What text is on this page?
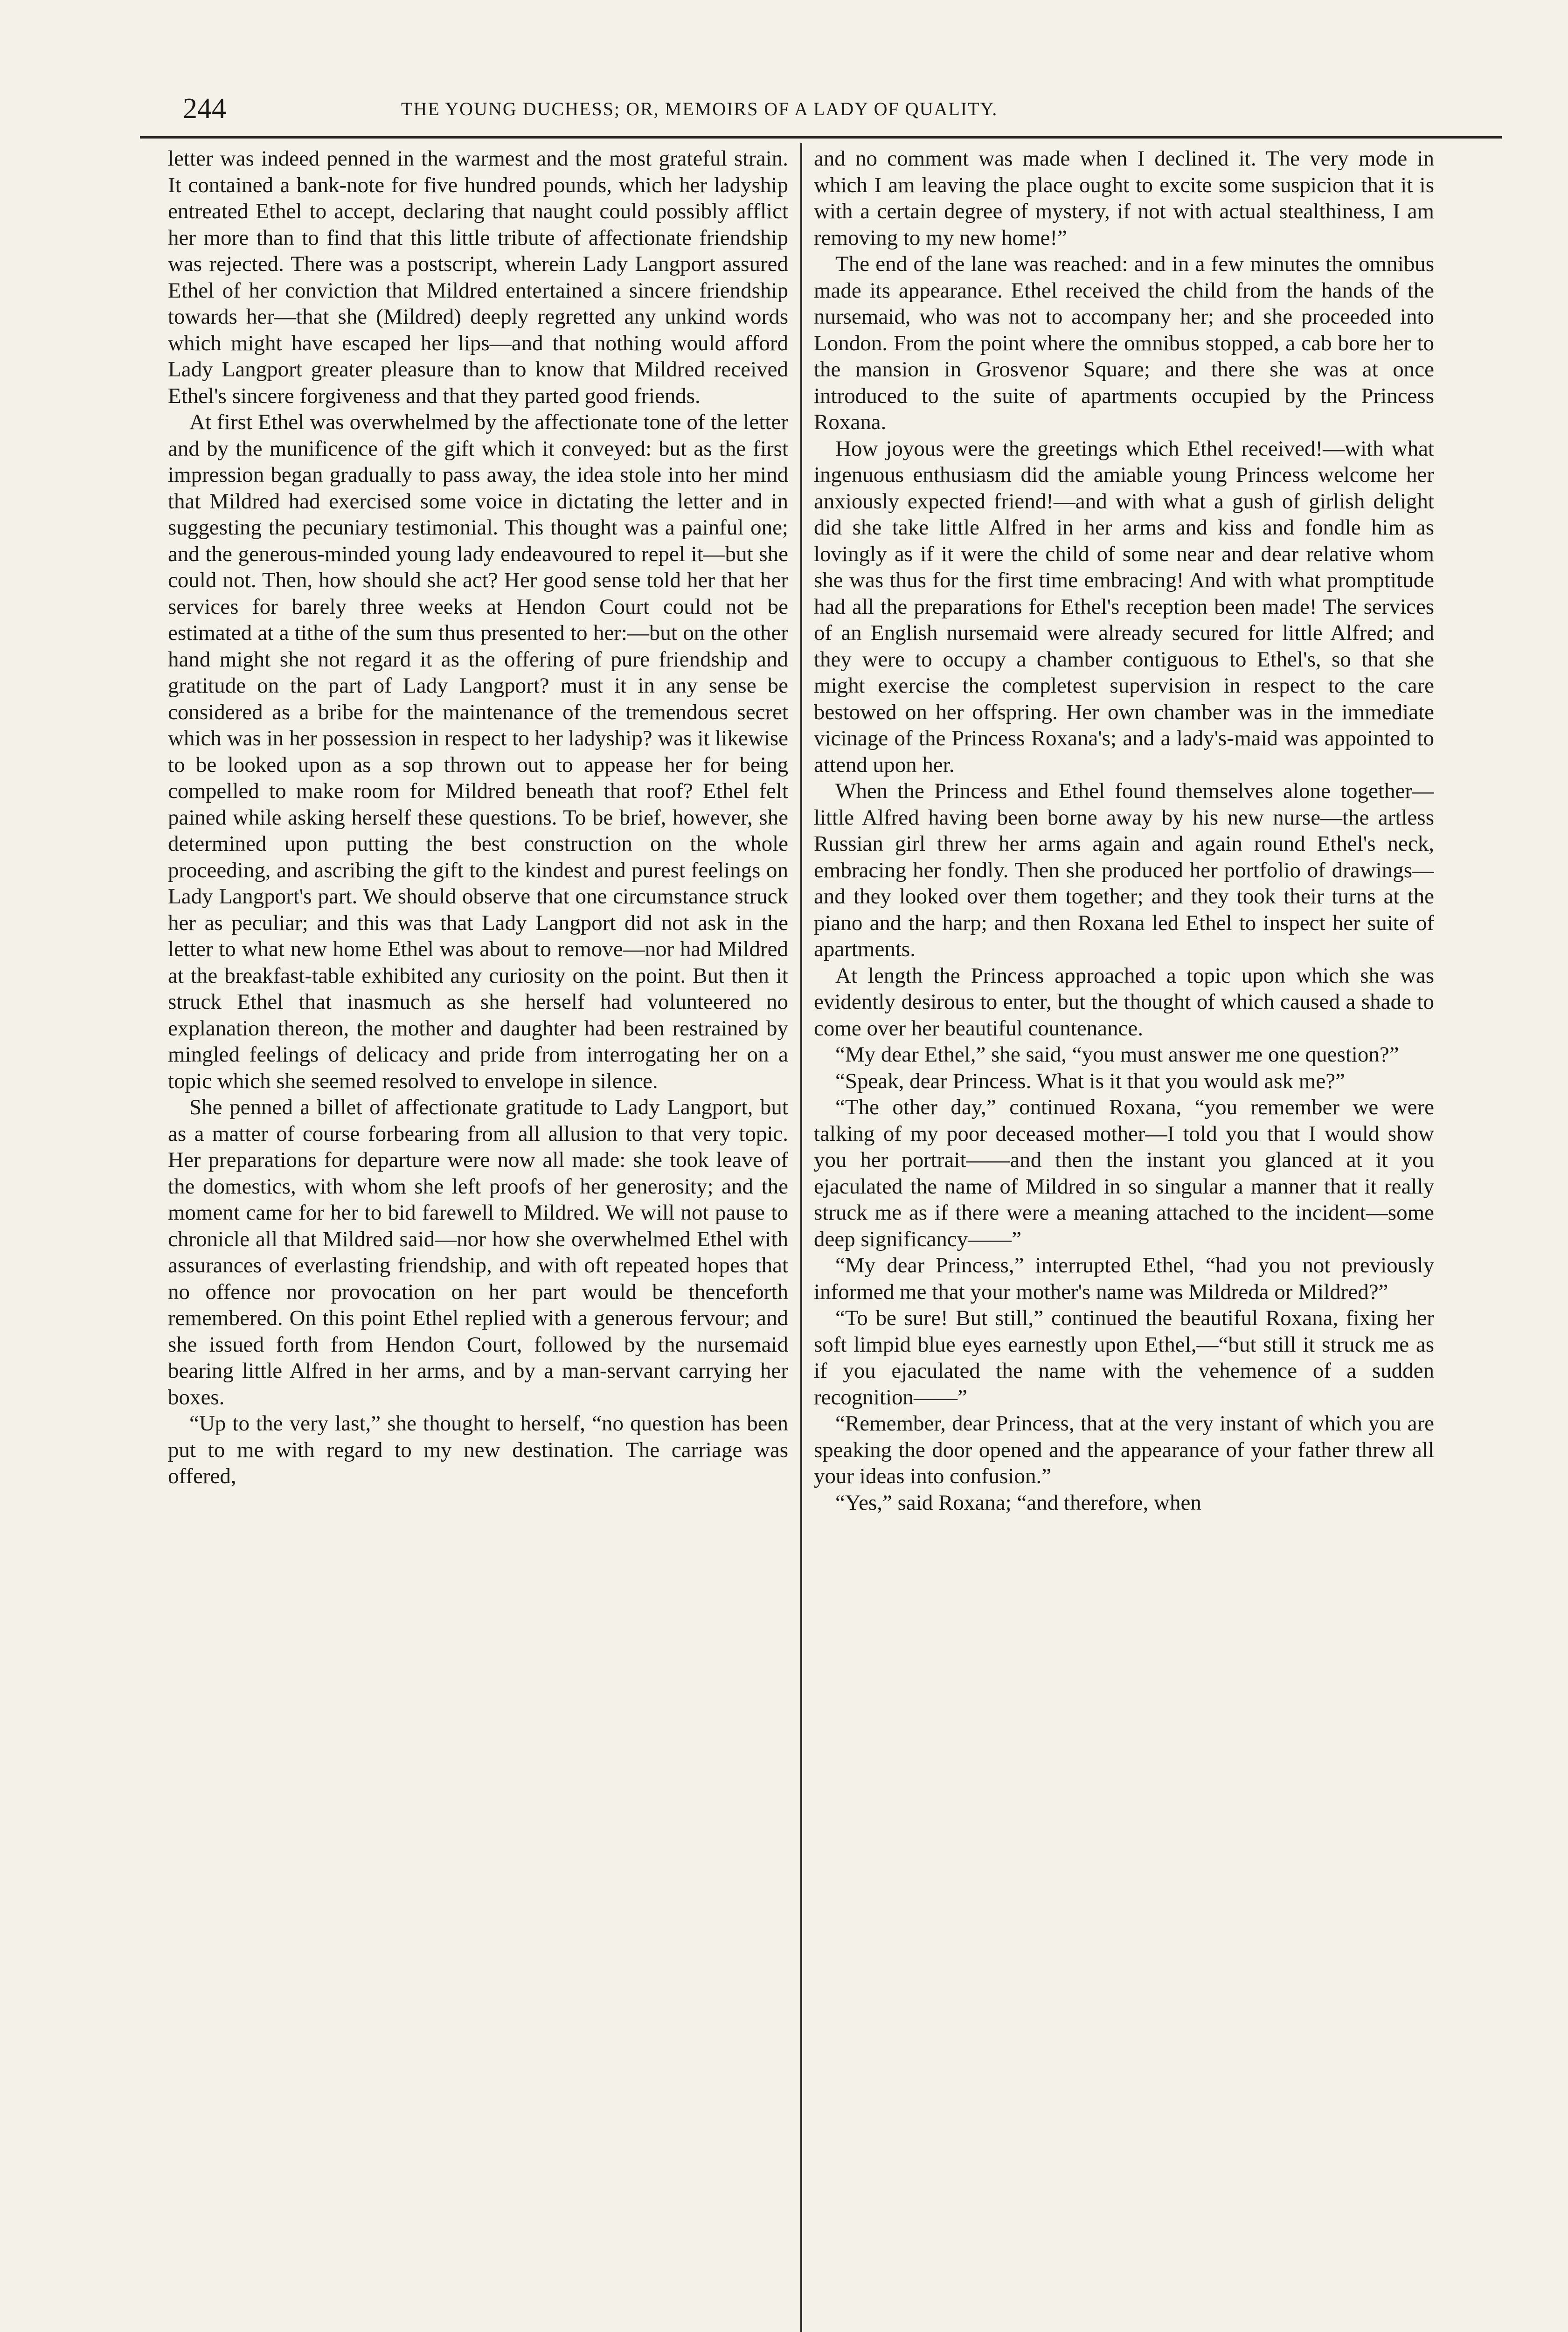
244	THE YOUNG DUCHESS; OR, MEMOIRS OF A LADY OF QUALITY.

letter was indeed penned in the warmest and the most grateful strain. It contained a bank-note for five hundred pounds, which her ladyship entreated Ethel to accept, declaring that naught could possibly afflict her more than to find that this little tribute of affectionate friendship was rejected. There was a postscript, wherein Lady Langport assured Ethel of her conviction that Mildred entertained a sincere friendship towards her—that she (Mildred) deeply regretted any unkind words which might have escaped her lips—and that nothing would afford Lady Langport greater pleasure than to know that Mildred received Ethel's sincere forgiveness and that they parted good friends.

At first Ethel was overwhelmed by the affectionate tone of the letter and by the munificence of the gift which it conveyed: but as the first impression began gradually to pass away, the idea stole into her mind that Mildred had exercised some voice in dictating the letter and in suggesting the pecuniary testimonial. This thought was a painful one; and the generous-minded young lady endeavoured to repel it—but she could not. Then, how should she act? Her good sense told her that her services for barely three weeks at Hendon Court could not be estimated at a tithe of the sum thus presented to her:—but on the other hand might she not regard it as the offering of pure friendship and gratitude on the part of Lady Langport? must it in any sense be considered as a bribe for the maintenance of the tremendous secret which was in her possession in respect to her ladyship? was it likewise to be looked upon as a sop thrown out to appease her for being compelled to make room for Mildred beneath that roof? Ethel felt pained while asking herself these questions. To be brief, however, she determined upon putting the best construction on the whole proceeding, and ascribing the gift to the kindest and purest feelings on Lady Langport's part. We should observe that one circumstance struck her as peculiar; and this was that Lady Langport did not ask in the letter to what new home Ethel was about to remove—nor had Mildred at the breakfast-table exhibited any curiosity on the point. But then it struck Ethel that inasmuch as she herself had volunteered no explanation thereon, the mother and daughter had been restrained by mingled feelings of delicacy and pride from interrogating her on a topic which she seemed resolved to envelope in silence.

She penned a billet of affectionate gratitude to Lady Langport, but as a matter of course forbearing from all allusion to that very topic. Her preparations for departure were now all made: she took leave of the domestics, with whom she left proofs of her generosity; and the moment came for her to bid farewell to Mildred. We will not pause to chronicle all that Mildred said—nor how she overwhelmed Ethel with assurances of everlasting friendship, and with oft repeated hopes that no offence nor provocation on her part would be thenceforth remembered. On this point Ethel replied with a generous fervour; and she issued forth from Hendon Court, followed by the nursemaid bearing little Alfred in her arms, and by a man-servant carrying her boxes.

“Up to the very last,” she thought to herself, “no question has been put to me with regard to my new destination. The carriage was offered,

and no comment was made when I declined it. The very mode in which I am leaving the place ought to excite some suspicion that it is with a certain degree of mystery, if not with actual stealthiness, I am removing to my new home!”

The end of the lane was reached: and in a few minutes the omnibus made its appearance. Ethel received the child from the hands of the nursemaid, who was not to accompany her; and she proceeded into London. From the point where the omnibus stopped, a cab bore her to the mansion in Grosvenor Square; and there she was at once introduced to the suite of apartments occupied by the Princess Roxana.

How joyous were the greetings which Ethel received!—with what ingenuous enthusiasm did the amiable young Princess welcome her anxiously expected friend!—and with what a gush of girlish delight did she take little Alfred in her arms and kiss and fondle him as lovingly as if it were the child of some near and dear relative whom she was thus for the first time embracing! And with what promptitude had all the preparations for Ethel's reception been made! The services of an English nursemaid were already secured for little Alfred; and they were to occupy a chamber contiguous to Ethel's, so that she might exercise the completest supervision in respect to the care bestowed on her offspring. Her own chamber was in the immediate vicinage of the Princess Roxana's; and a lady's-maid was appointed to attend upon her.

When the Princess and Ethel found themselves alone together—little Alfred having been borne away by his new nurse—the artless Russian girl threw her arms again and again round Ethel's neck, embracing her fondly. Then she produced her portfolio of drawings—and they looked over them together; and they took their turns at the piano and the harp; and then Roxana led Ethel to inspect her suite of apartments.

At length the Princess approached a topic upon which she was evidently desirous to enter, but the thought of which caused a shade to come over her beautiful countenance.

“My dear Ethel,” she said, “you must answer me one question?”

“Speak, dear Princess. What is it that you would ask me?”

“The other day,” continued Roxana, “you remember we were talking of my poor deceased mother—I told you that I would show you her portrait——and then the instant you glanced at it you ejaculated the name of Mildred in so singular a manner that it really struck me as if there were a meaning attached to the incident—some deep significancy——”

“My dear Princess,” interrupted Ethel, “had you not previously informed me that your mother's name was Mildreda or Mildred?”

“To be sure! But still,” continued the beautiful Roxana, fixing her soft limpid blue eyes earnestly upon Ethel,—“but still it struck me as if you ejaculated the name with the vehemence of a sudden recognition——”

“Remember, dear Princess, that at the very instant of which you are speaking the door opened and the appearance of your father threw all your ideas into confusion.”

“Yes,” said Roxana; “and therefore, when
